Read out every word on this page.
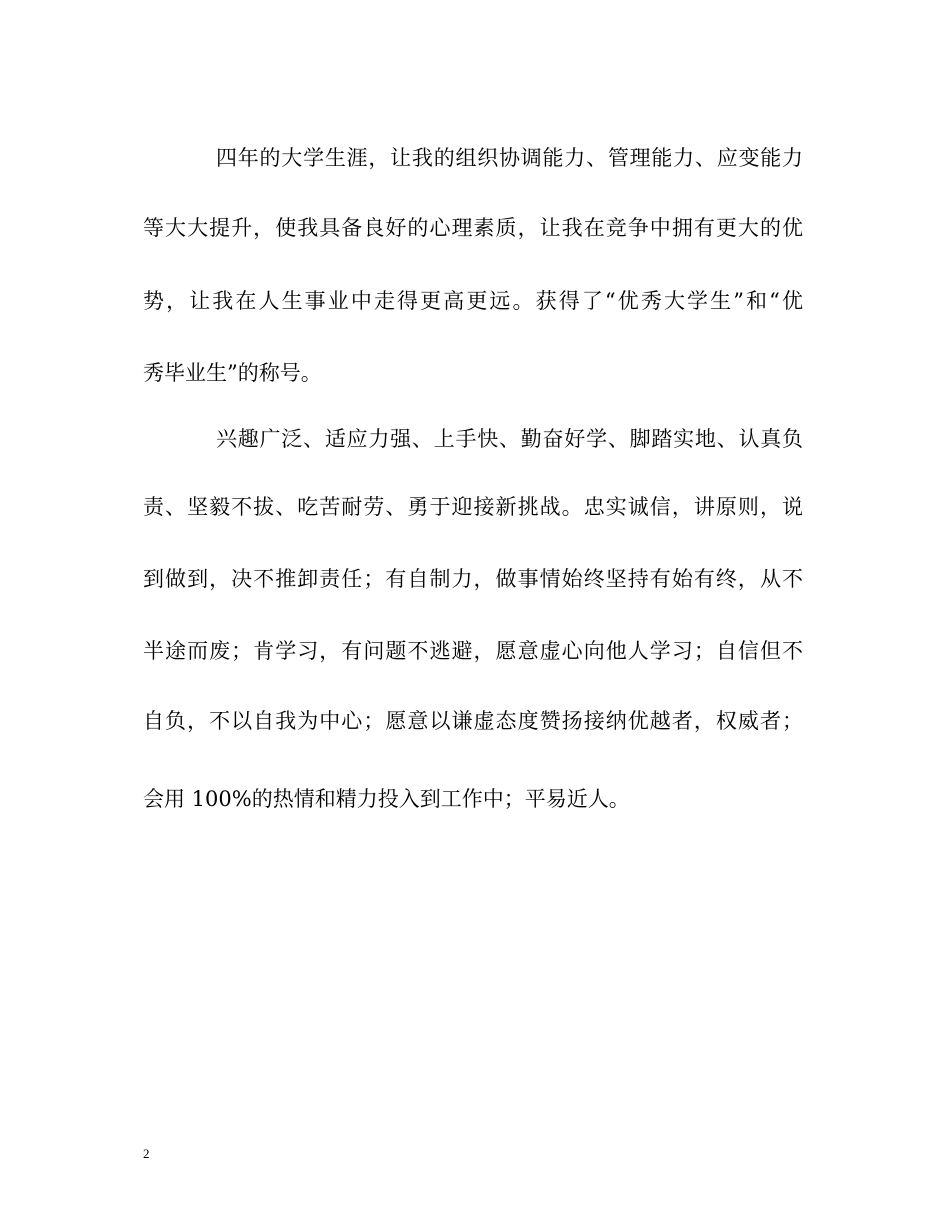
四年的大学生涯，让我的组织协调能力、管理能力、应变能力
等大大提升，使我具备良好的心理素质，让我在竞争中拥有更大的优
势，让我在人生事业中走得更高更远。获得了“优秀大学生”和“优
秀毕业生”的称号。
兴趣广泛、适应力强、上手快、勤奋好学、脚踏实地、认真负
责、坚毅不拔、吃苦耐劳、勇于迎接新挑战。忠实诚信，讲原则，说
到做到，决不推卸责任；有自制力，做事情始终坚持有始有终，从不
半途而废；肯学习，有问题不逃避，愿意虚心向他人学习；自信但不
自负，不以自我为中心；愿意以谦虚态度赞扬接纳优越者，权威者；
会用 100%的热情和精力投入到工作中；平易近人。
2
